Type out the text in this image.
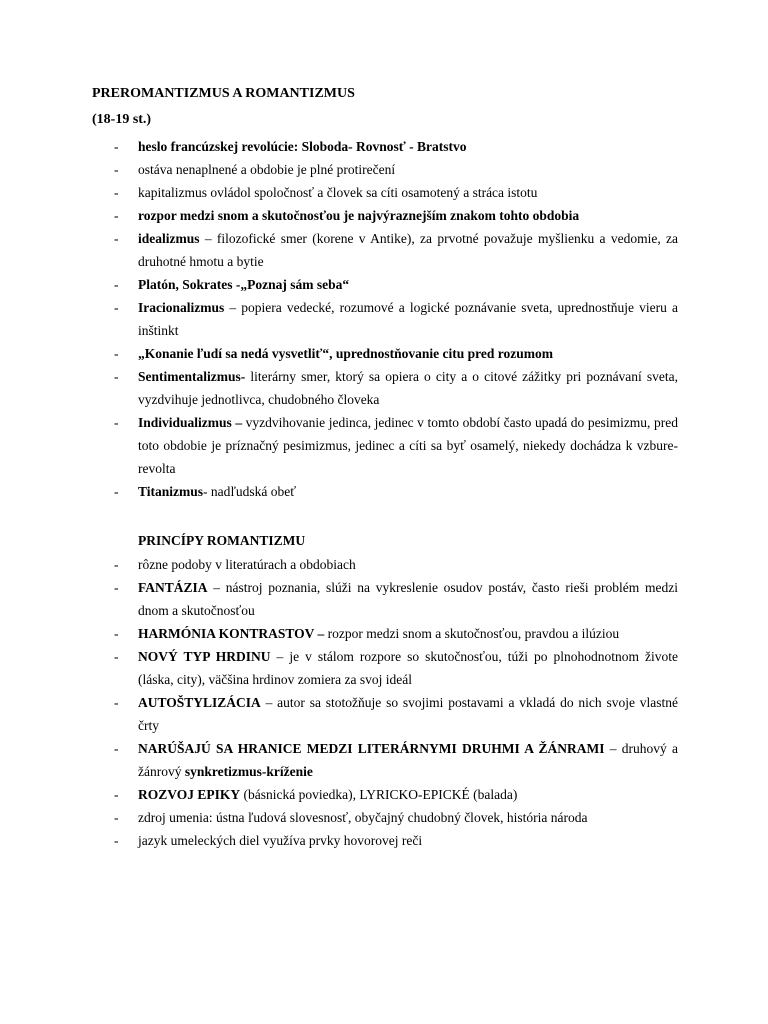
PREROMANTIZMUS A ROMANTIZMUS
(18-19 st.)
- heslo francúzskej revolúcie: Sloboda- Rovnosť - Bratstvo
- ostáva nenaplnené a obdobie je plné protirečení
- kapitalizmus ovládol spoločnosť a človek sa cíti osamotený a stráca istotu
- rozpor medzi snom a skutočnosťou je najvýraznejším znakom tohto obdobia
- idealizmus – filozofické smer (korene v Antike), za prvotné považuje myšlienku a vedomie, za druhotné hmotu a bytie
- Platón, Sokrates -„Poznaj sám seba“
- Iracionalizmus – popiera vedecké, rozumové a logické poznávanie sveta, uprednostňuje vieru a inštinkt
- „Konanie ľudí sa nedá vysvetliť“, uprednostňovanie citu pred rozumom
- Sentimentalizmus- literárny smer, ktorý sa opiera o city a o citové zážitky pri poznávaní sveta, vyzdvihuje jednotlivca, chudobného človeka
- Individualizmus – vyzdvihovanie jedinca, jedinec v tomto období často upadá do pesimizmu, pred toto obdobie je príznačný pesimizmus, jedinec a cíti sa byť osamelý, niekedy dochádza k vzbure- revolta
- Titanizmus- nadľudská obeť
PRINCÍPY ROMANTIZMU
- rôzne podoby v literatúrach a obdobiach
- FANTÁZIA – nástroj poznania, slúži na vykreslenie osudov postáv, často rieši problém medzi dnom a skutočnosťou
- HARMÓNIA KONTRASTOV – rozpor medzi snom a skutočnosťou, pravdou a ilúziou
- NOVÝ TYP HRDINU – je v stálom rozpore so skutočnosťou, túži po plnohodnotnom živote (láska, city), väčšina hrdinov zomiera za svoj ideál
- AUTOŠTYLIZÁCIA – autor sa stotožňuje so svojimi postavami a vkladá do nich svoje vlastné črty
- NARÚŠAJÚ SA HRANICE MEDZI LITERÁRNYMI DRUHMI A ŽÁNRAMI – druhový a žánrový synkretizmus-kríženie
- ROZVOJ EPIKY (básnická poviedka), LYRICKO-EPICKÉ (balada)
- zdroj umenia: ústna ľudová slovesnosť, obyčajný chudobný človek, história národa
- jazyk umeleckých diel využíva prvky hovorovej reči
